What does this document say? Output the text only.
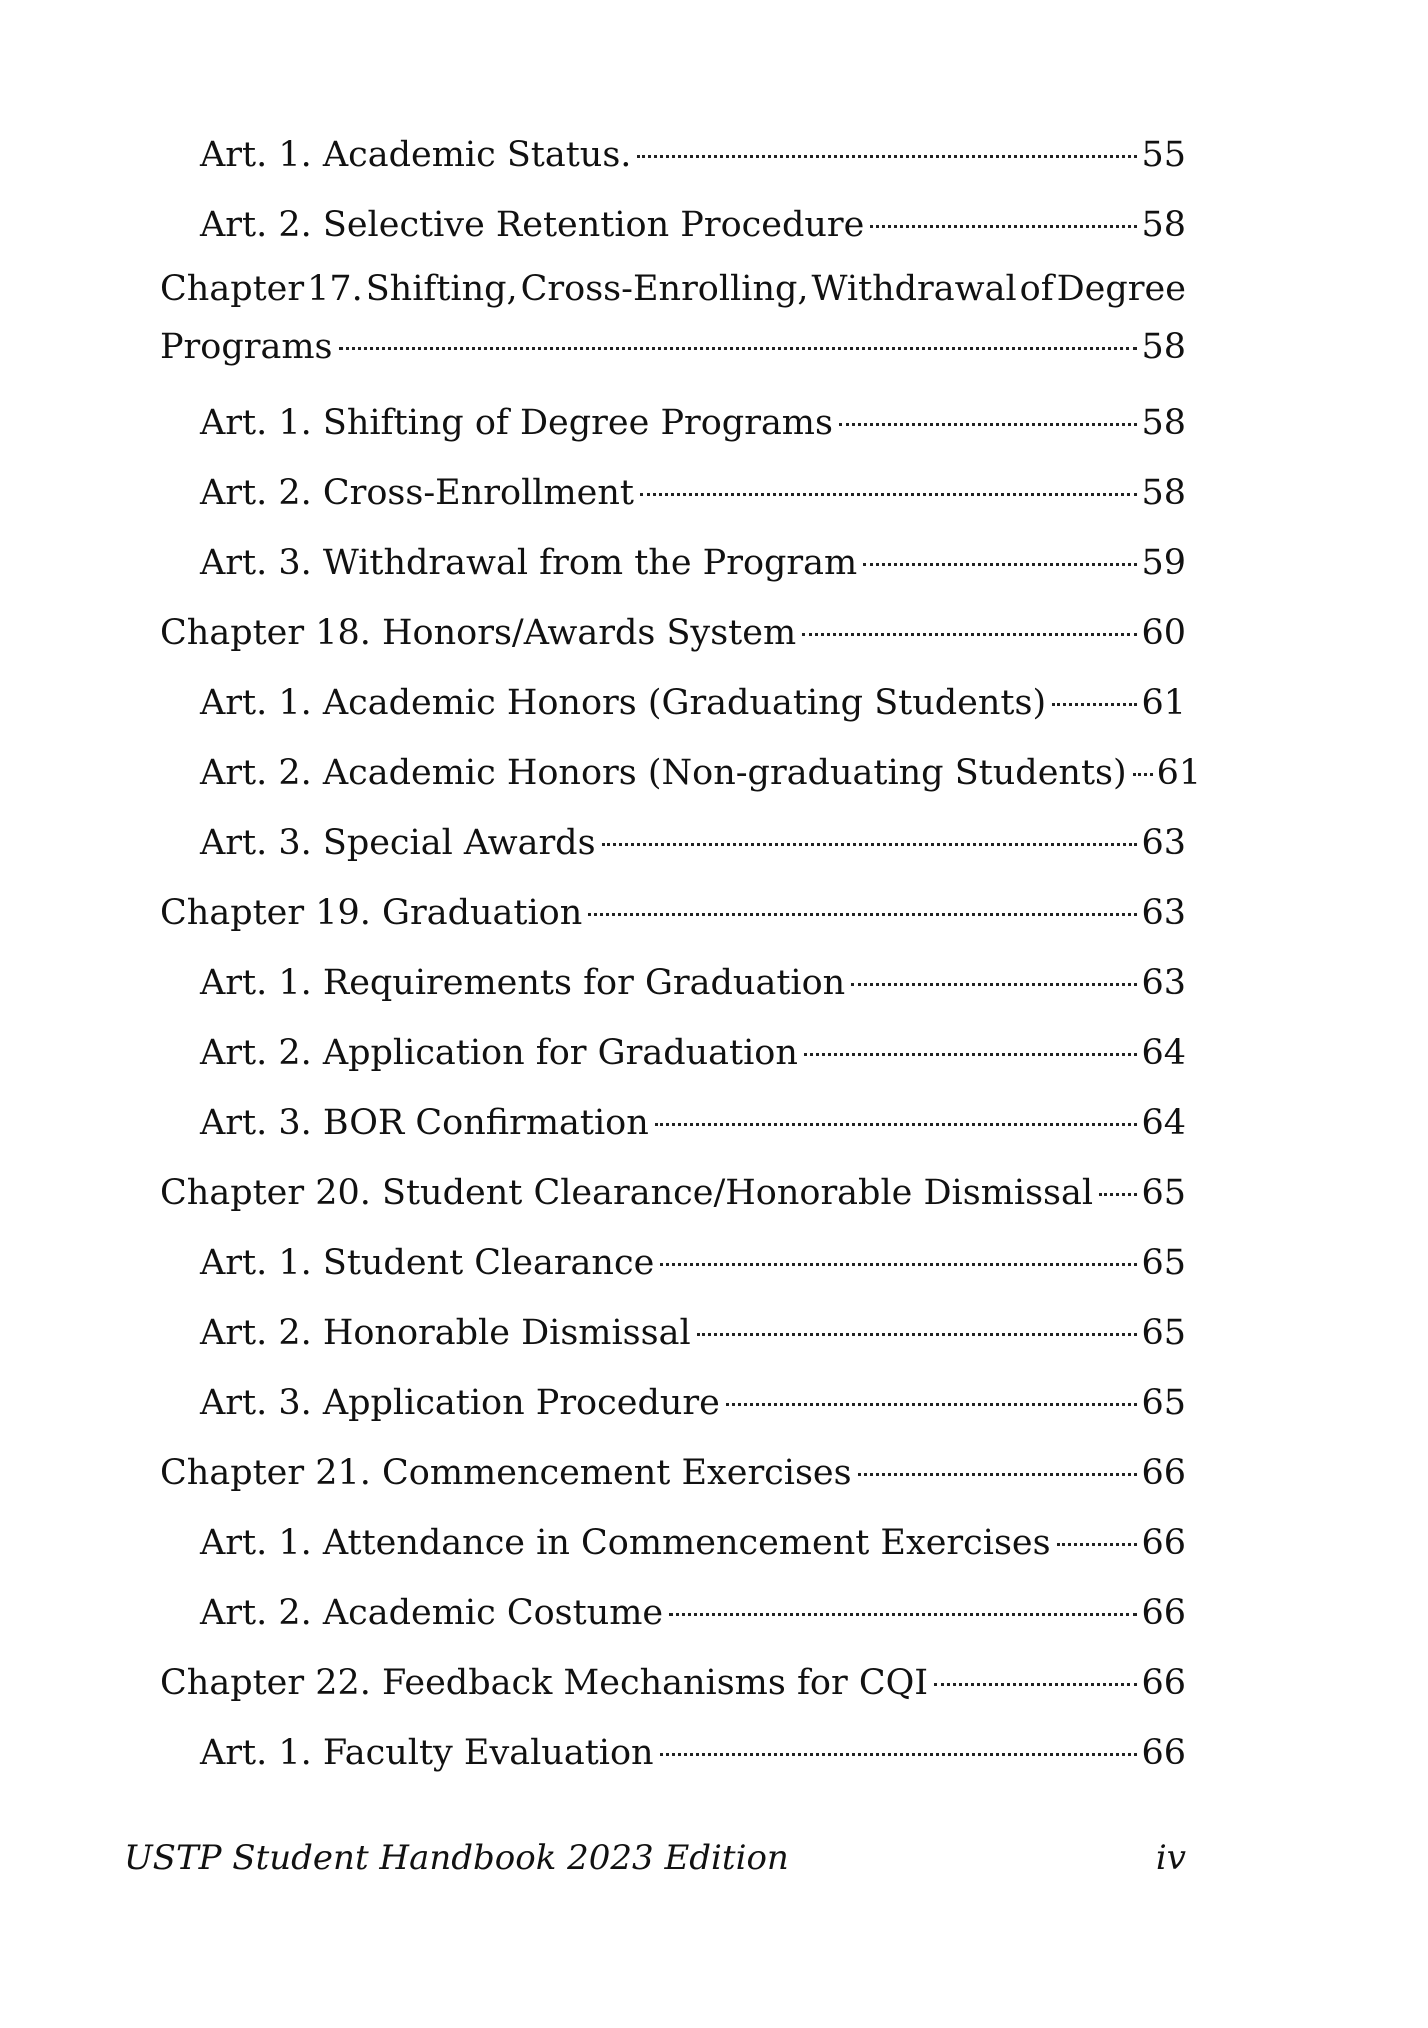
Art. 1. Academic Status.	55
Art. 2. Selective Retention Procedure	58
Chapter 17. Shifting, Cross-Enrolling, Withdrawal of Degree
Programs	58
Art. 1. Shifting of Degree Programs	58
Art. 2. Cross-Enrollment	58
Art. 3. Withdrawal from the Program	59
Chapter 18. Honors/Awards System	60
Art. 1. Academic Honors (Graduating Students)	61
Art. 2. Academic Honors (Non-graduating Students) 61
Art. 3. Special Awards	63
Chapter 19. Graduation	63
Art. 1. Requirements for Graduation	63
Art. 2. Application for Graduation	64
Art. 3. BOR Confirmation	64
Chapter 20. Student Clearance/Honorable Dismissal 65
Art. 1. Student Clearance	65
Art. 2. Honorable Dismissal	65
Art. 3. Application Procedure	65
Chapter 21. Commencement Exercises	66
Art. 1. Attendance in Commencement Exercises	66
Art. 2. Academic Costume	66
Chapter 22. Feedback Mechanisms for CQI	66
Art. 1. Faculty Evaluation	66
USTP Student Handbook 2023 Edition	iv
